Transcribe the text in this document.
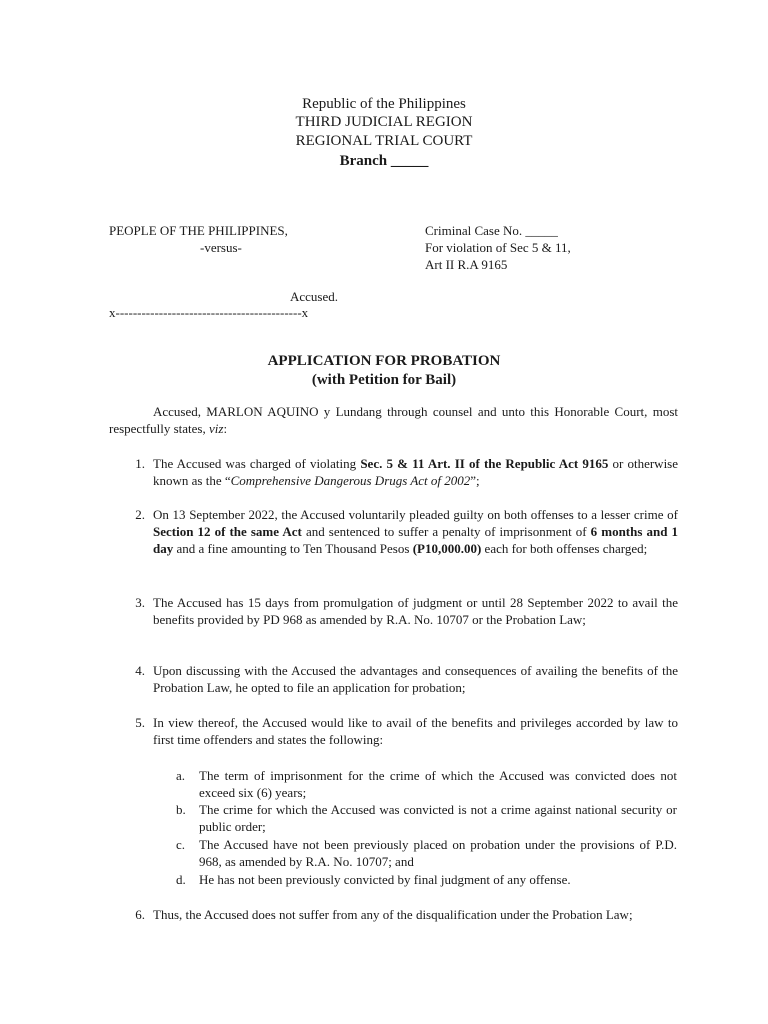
Republic of the Philippines
THIRD JUDICIAL REGION
REGIONAL TRIAL COURT
Branch _____
PEOPLE OF THE PHILIPPINES,
-versus-
Accused.
x-------------------------------------------x
Criminal Case No. _____
For violation of Sec 5 & 11,
Art II R.A 9165
APPLICATION FOR PROBATION
(with Petition for Bail)
Accused, MARLON AQUINO y Lundang through counsel and unto this Honorable Court, most respectfully states, viz:
1. The Accused was charged of violating Sec. 5 & 11 Art. II of the Republic Act 9165 or otherwise known as the “Comprehensive Dangerous Drugs Act of 2002”;
2. On 13 September 2022, the Accused voluntarily pleaded guilty on both offenses to a lesser crime of Section 12 of the same Act and sentenced to suffer a penalty of imprisonment of 6 months and 1 day and a fine amounting to Ten Thousand Pesos (P10,000.00) each for both offenses charged;
3. The Accused has 15 days from promulgation of judgment or until 28 September 2022 to avail the benefits provided by PD 968 as amended by R.A. No. 10707 or the Probation Law;
4. Upon discussing with the Accused the advantages and consequences of availing the benefits of the Probation Law, he opted to file an application for probation;
5. In view thereof, the Accused would like to avail of the benefits and privileges accorded by law to first time offenders and states the following:
a. The term of imprisonment for the crime of which the Accused was convicted does not exceed six (6) years;
b. The crime for which the Accused was convicted is not a crime against national security or public order;
c. The Accused have not been previously placed on probation under the provisions of P.D. 968, as amended by R.A. No. 10707; and
d. He has not been previously convicted by final judgment of any offense.
6. Thus, the Accused does not suffer from any of the disqualification under the Probation Law;
